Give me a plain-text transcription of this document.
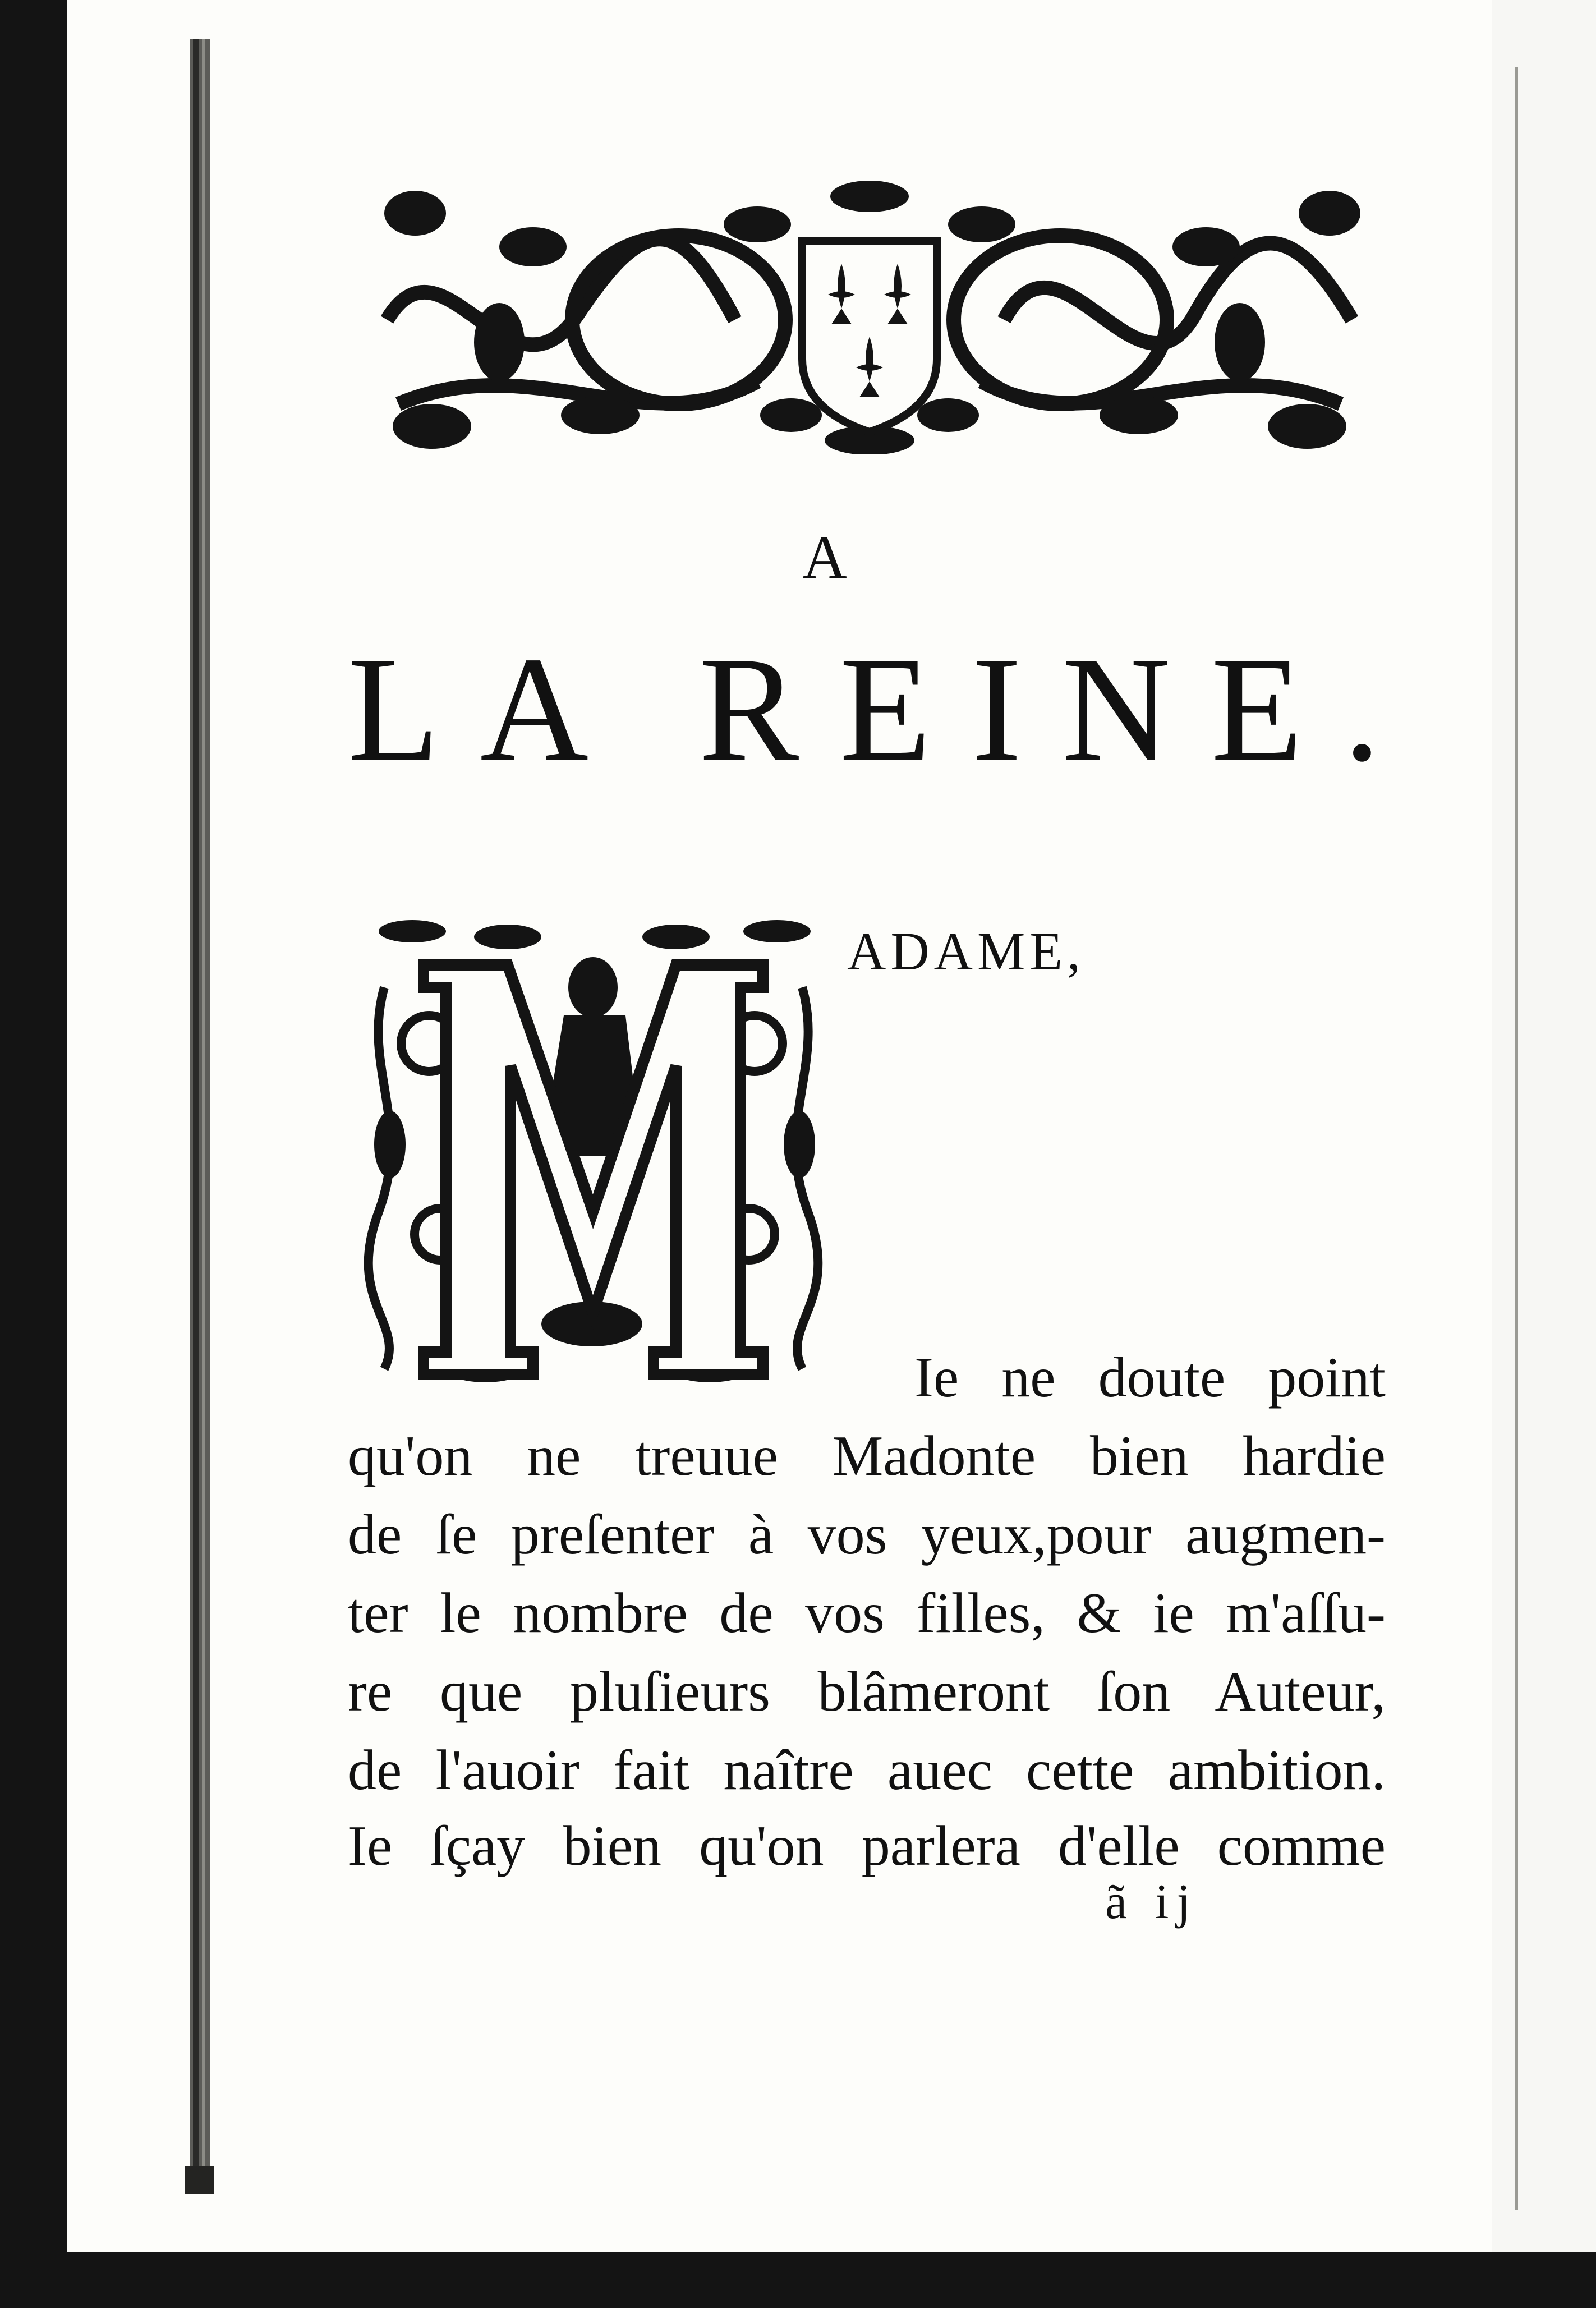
A
LA REINE.
ADAME,
Ie ne doute point
qu'on ne treuue Madonte bien hardie
de ſe preſenter à vos yeux,pour augmen-
ter le nombre de vos filles, & ie m'aſſu-
re que pluſieurs blâmeront ſon Auteur,
de l'auoir fait naître auec cette ambition.
Ie ſçay bien qu'on parlera d'elle comme
ã ij
